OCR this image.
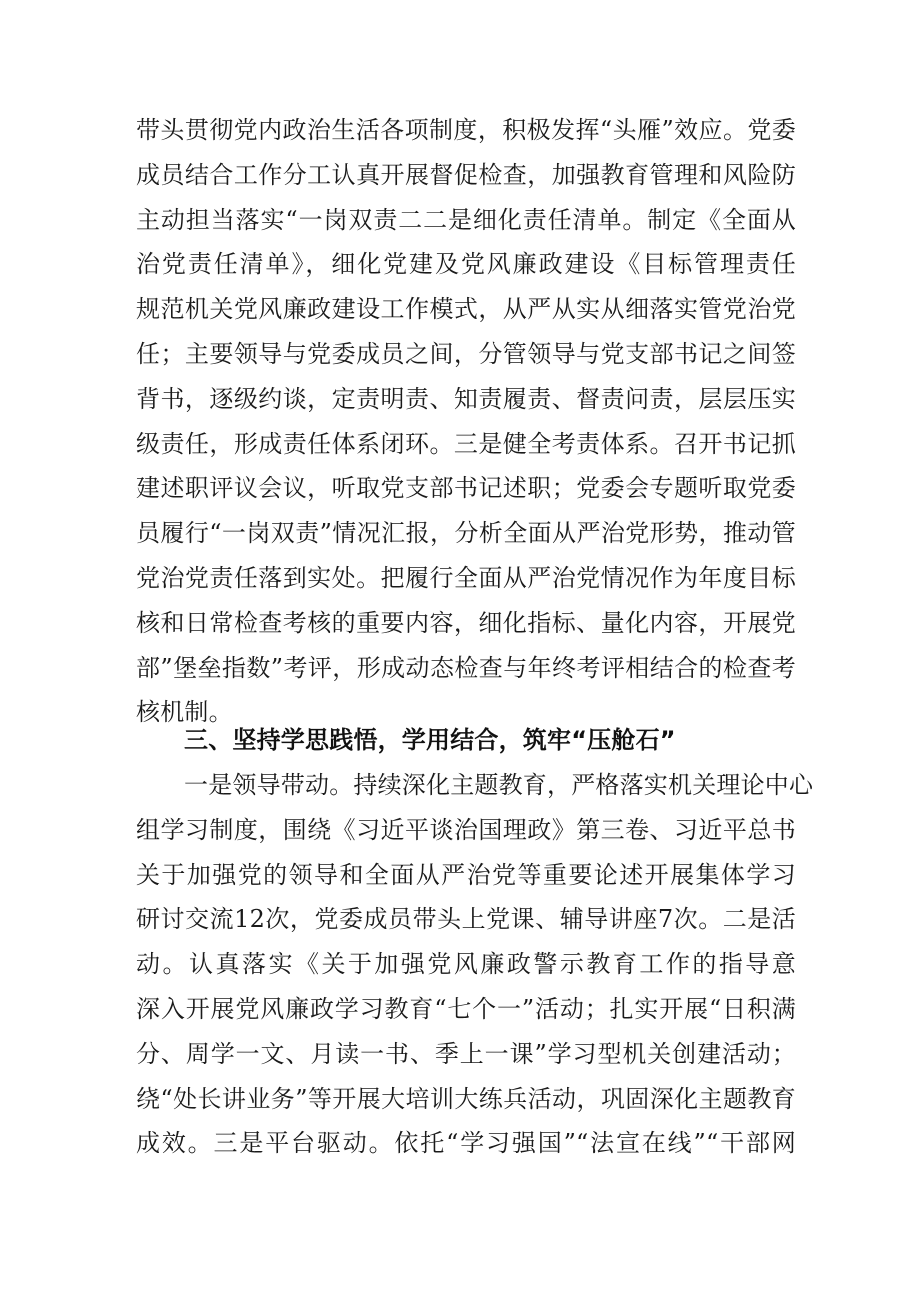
带头贯彻党内政治生活各项制度，积极发挥“头雁”效应。党委
成员结合工作分工认真开展督促检查，加强教育管理和风险防
主动担当落实“一岗双责二二是细化责任清单。制定《全面从
治党责任清单》，细化党建及党风廉政建设《目标管理责任
规范机关党风廉政建设工作模式，从严从实从细落实管党治党
任；主要领导与党委成员之间，分管领导与党支部书记之间签
背书，逐级约谈，定责明责、知责履责、督责问责，层层压实
级责任，形成责任体系闭环。三是健全考责体系。召开书记抓
建述职评议会议，听取党支部书记述职；党委会专题听取党委
员履行“一岗双责”情况汇报，分析全面从严治党形势，推动管
党治党责任落到实处。把履行全面从严治党情况作为年度目标
核和日常检查考核的重要内容，细化指标、量化内容，开展党
部”堡垒指数”考评，形成动态检查与年终考评相结合的检查考
核机制。
三、坚持学思践悟，学用结合，筑牢“压舱石”
一是领导带动。持续深化主题教育，严格落实机关理论中心
组学习制度，围绕《习近平谈治国理政》第三卷、习近平总书
关于加强党的领导和全面从严治党等重要论述开展集体学习
研讨交流12次，党委成员带头上党课、辅导讲座7次。二是活
动。认真落实《关于加强党风廉政警示教育工作的指导意
深入开展党风廉政学习教育“七个一”活动；扎实开展“日积满
分、周学一文、月读一书、季上一课”学习型机关创建活动；
绕“处长讲业务”等开展大培训大练兵活动，巩固深化主题教育
成效。三是平台驱动。依托“学习强国”“法宣在线”“干部网
